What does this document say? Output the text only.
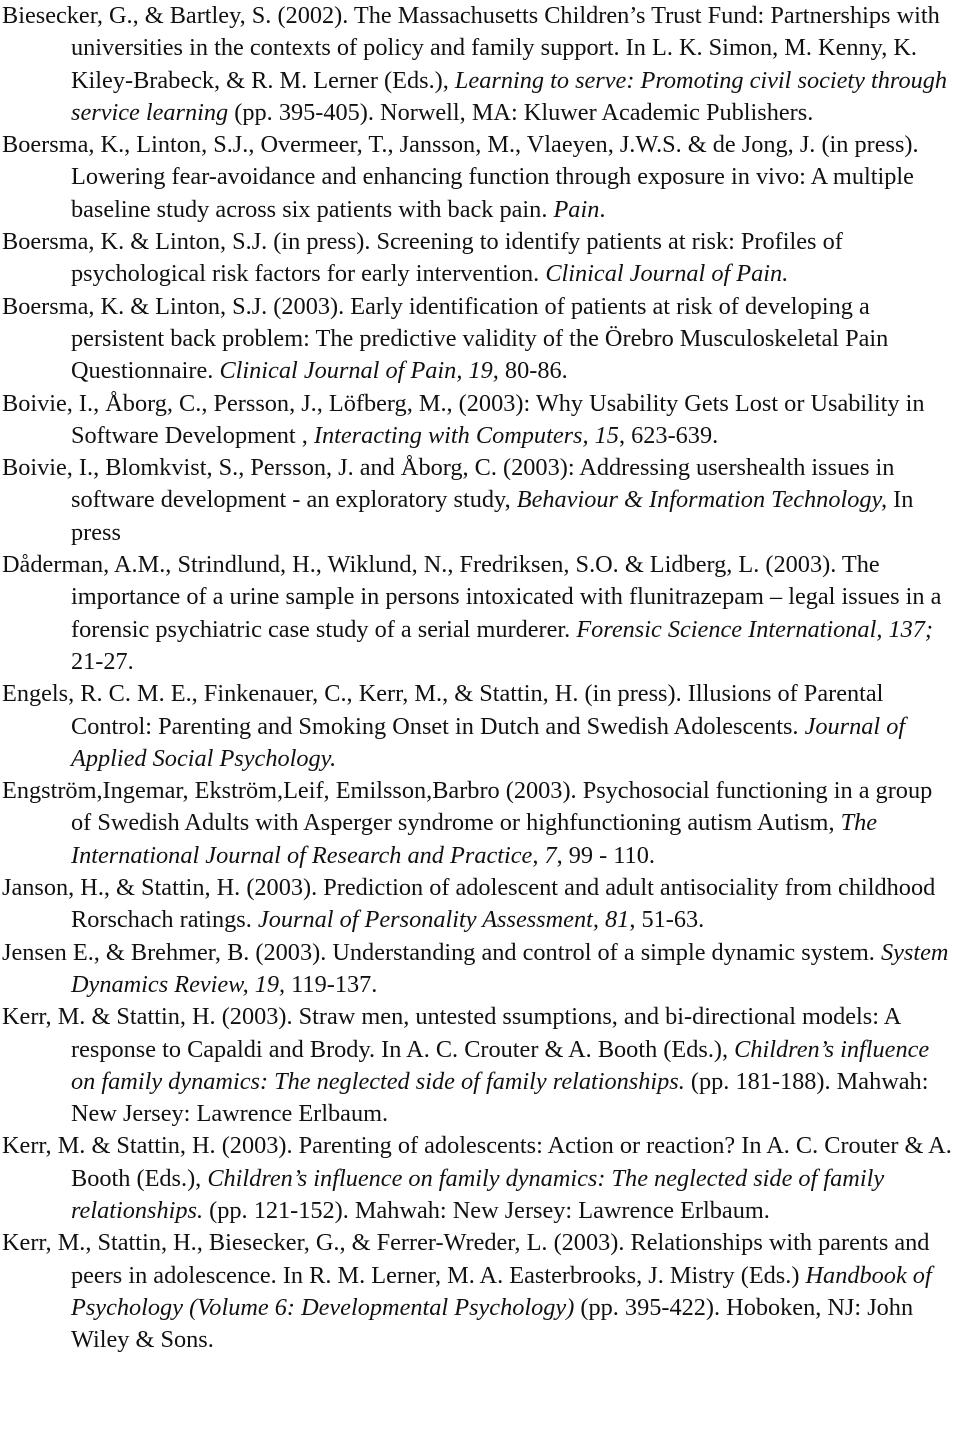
Biesecker, G., & Bartley, S. (2002). The Massachusetts Children’s Trust Fund: Partnerships with universities in the contexts of policy and family support. In L. K. Simon, M. Kenny, K. Kiley-Brabeck, & R. M. Lerner (Eds.), Learning to serve: Promoting civil society through service learning (pp. 395-405). Norwell, MA: Kluwer Academic Publishers.

Boersma, K., Linton, S.J., Overmeer, T., Jansson, M., Vlaeyen, J.W.S. & de Jong, J. (in press). Lowering fear-avoidance and enhancing function through exposure in vivo: A multiple baseline study across six patients with back pain. Pain.

Boersma, K. & Linton, S.J. (in press). Screening to identify patients at risk: Profiles of psychological risk factors for early intervention. Clinical Journal of Pain.

Boersma, K. & Linton, S.J. (2003). Early identification of patients at risk of developing a persistent back problem: The predictive validity of the Örebro Musculoskeletal Pain Questionnaire. Clinical Journal of Pain, 19, 80-86.

Boivie, I., Åborg, C., Persson, J., Löfberg, M., (2003): Why Usability Gets Lost or Usability in Software Development , Interacting with Computers, 15, 623-639.

Boivie, I., Blomkvist, S., Persson, J. and Åborg, C. (2003): Addressing usershealth issues in software development - an exploratory study, Behaviour & Information Technology, In press

Dåderman, A.M., Strindlund, H., Wiklund, N., Fredriksen, S.O. & Lidberg, L. (2003). The importance of a urine sample in persons intoxicated with flunitrazepam – legal issues in a forensic psychiatric case study of a serial murderer. Forensic Science International, 137; 21-27.

Engels, R. C. M. E., Finkenauer, C., Kerr, M., & Stattin, H. (in press). Illusions of Parental Control: Parenting and Smoking Onset in Dutch and Swedish Adolescents. Journal of Applied Social Psychology.

Engström,Ingemar, Ekström,Leif, Emilsson,Barbro (2003). Psychosocial functioning in a group of Swedish Adults with Asperger syndrome or highfunctioning autism Autism, The International Journal of Research and Practice, 7, 99 - 110.

Janson, H., & Stattin, H. (2003). Prediction of adolescent and adult antisociality from childhood Rorschach ratings. Journal of Personality Assessment, 81, 51-63.

Jensen E., & Brehmer, B. (2003). Understanding and control of a simple dynamic system. System Dynamics Review, 19, 119-137.

Kerr, M. & Stattin, H. (2003). Straw men, untested ssumptions, and bi-directional models: A response to Capaldi and Brody. In A. C. Crouter & A. Booth (Eds.), Children’s influence on family dynamics: The neglected side of family relationships. (pp. 181-188). Mahwah: New Jersey: Lawrence Erlbaum.

Kerr, M. & Stattin, H. (2003). Parenting of adolescents: Action or reaction? In A. C. Crouter & A. Booth (Eds.), Children’s influence on family dynamics: The neglected side of family relationships. (pp. 121-152). Mahwah: New Jersey: Lawrence Erlbaum.

Kerr, M., Stattin, H., Biesecker, G., & Ferrer-Wreder, L. (2003). Relationships with parents and peers in adolescence. In R. M. Lerner, M. A. Easterbrooks, J. Mistry (Eds.) Handbook of Psychology (Volume 6: Developmental Psychology) (pp. 395-422). Hoboken, NJ: John Wiley & Sons.
